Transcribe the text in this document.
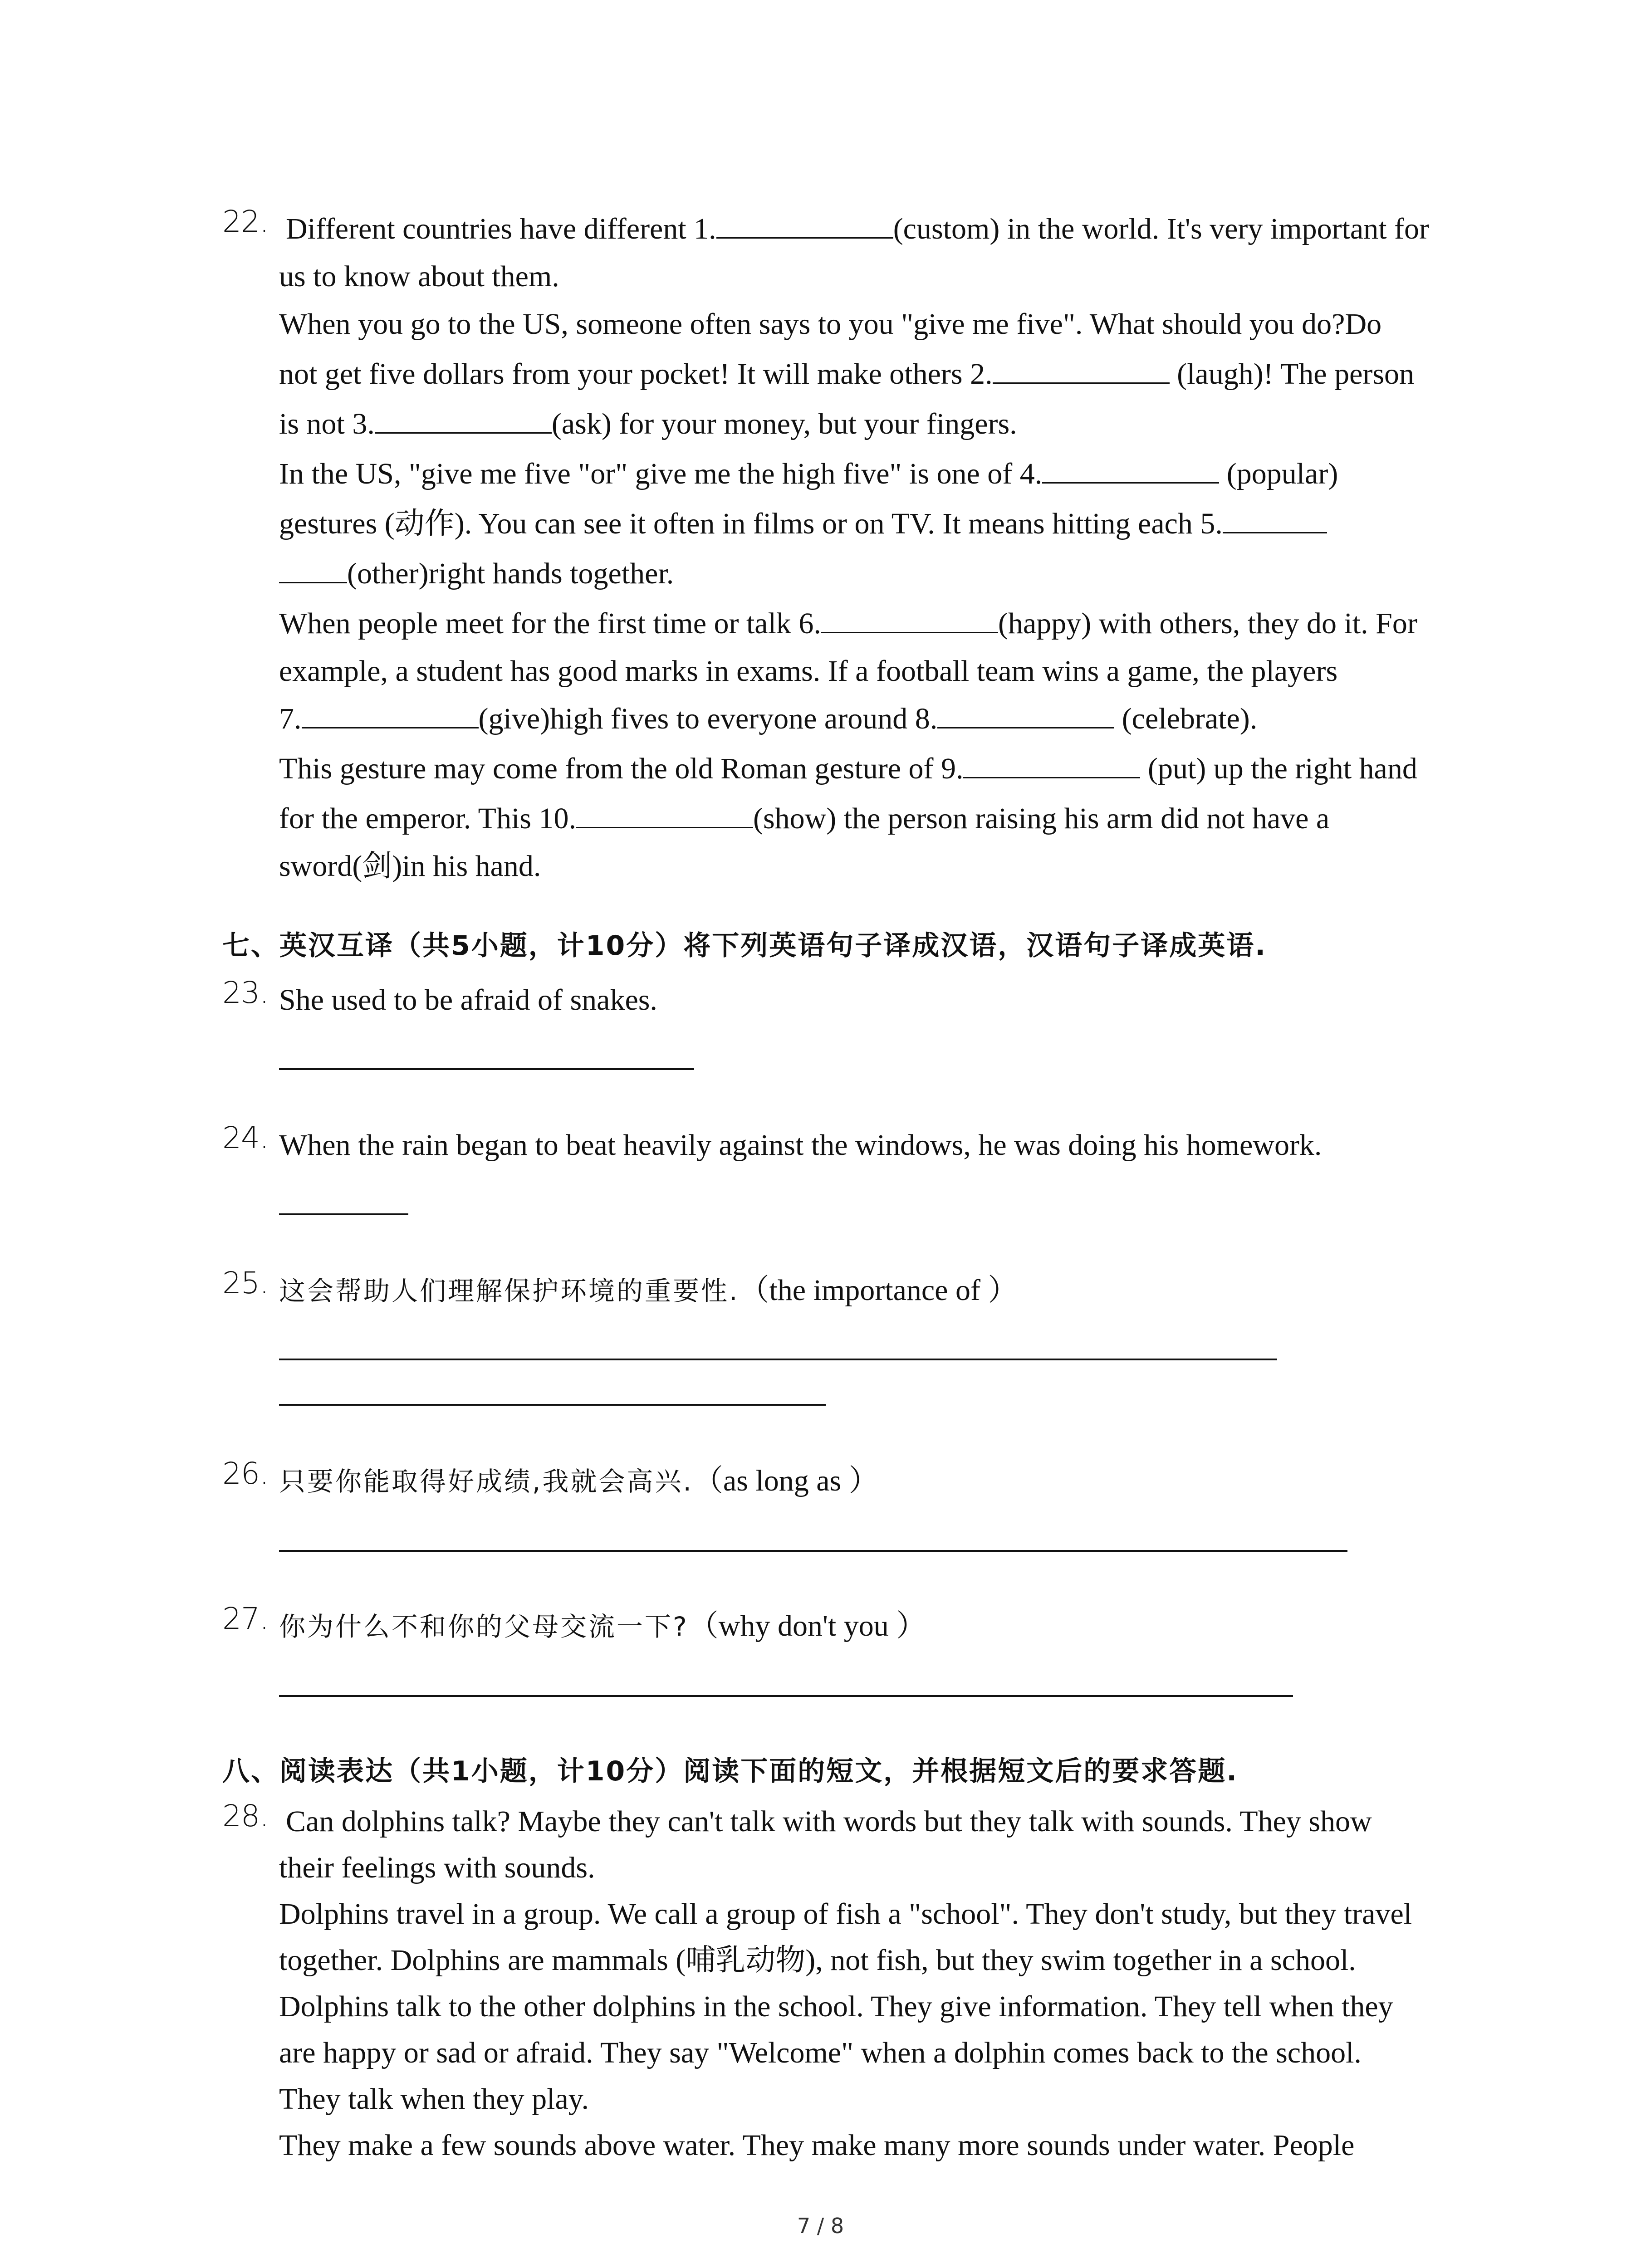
22. Different countries have different 1.	(custom) in the world. It's very important for
us to know about them.
When you go to the US, someone often says to you "give me five". What should you do?Do
not get five dollars from your pocket! It will make others 2.	(laugh)! The person
is not 3.	(ask) for your money, but your fingers.
In the US, "give me five "or" give me the high five" is one of 4.	(popular)
gestures (动作). You can see it often in films or on TV. It means hitting each 5.
(other)right hands together.
When people meet for the first time or talk 6.	(happy) with others, they do it. For
example, a student has good marks in exams. If a football team wins a game, the players
7.	(give)high fives to everyone around 8.	(celebrate).
This gesture may come from the old Roman gesture of 9.	(put) up the right hand
for the emperor. This 10.	(show) the person raising his arm did not have a
sword(剑)in his hand.
七、英汉互译（共5小题，计10分）将下列英语句子译成汉语，汉语句子译成英语.
23. She used to be afraid of snakes.
24. When the rain began to beat heavily against the windows, he was doing his homework.
25. 这会帮助人们理解保护环境的重要性.（the importance of ）
26. 只要你能取得好成绩,我就会高兴.（as long as ）
27. 你为什么不和你的父母交流一下?（why don't you ）
八、阅读表达（共1小题，计10分）阅读下面的短文，并根据短文后的要求答题.
28. Can dolphins talk? Maybe they can't talk with words but they talk with sounds. They show
their feelings with sounds.
Dolphins travel in a group. We call a group of fish a "school". They don't study, but they travel
together. Dolphins are mammals (哺乳动物), not fish, but they swim together in a school.
Dolphins talk to the other dolphins in the school. They give information. They tell when they
are happy or sad or afraid. They say "Welcome" when a dolphin comes back to the school.
They talk when they play.
They make a few sounds above water. They make many more sounds under water. People
7 / 8
